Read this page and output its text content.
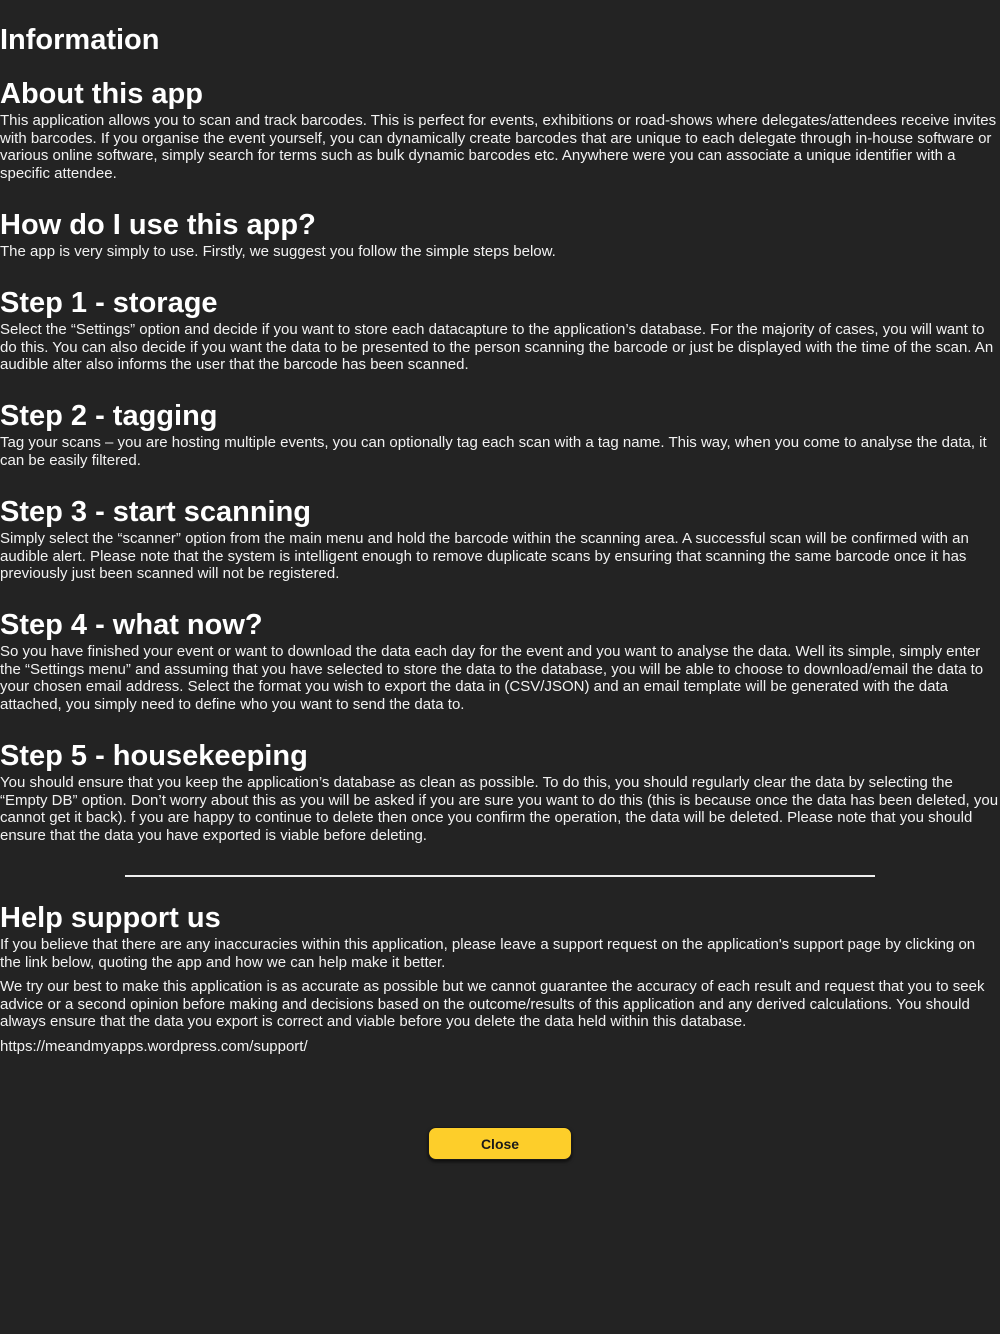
Information
About this app

This application allows you to scan and track barcodes. This is perfect for events, exhibitions or road-shows where delegates/attendees receive invites with barcodes. If you organise the event yourself, you can dynamically create barcodes that are unique to each delegate through in-house software or various online software, simply search for terms such as bulk dynamic barcodes etc. Anywhere were you can associate a unique identifier with a specific attendee.

How do I use this app?

The app is very simply to use. Firstly, we suggest you follow the simple steps below.

Step 1 - storage

Select the “Settings” option and decide if you want to store each datacapture to the application’s database. For the majority of cases, you will want to do this. You can also decide if you want the data to be presented to the person scanning the barcode or just be displayed with the time of the scan. An audible alter also informs the user that the barcode has been scanned.

Step 2 - tagging

Tag your scans – you are hosting multiple events, you can optionally tag each scan with a tag name. This way, when you come to analyse the data, it can be easily filtered.

Step 3 - start scanning

Simply select the “scanner” option from the main menu and hold the barcode within the scanning area. A successful scan will be confirmed with an audible alert. Please note that the system is intelligent enough to remove duplicate scans by ensuring that scanning the same barcode once it has previously just been scanned will not be registered.

Step 4 - what now?

So you have finished your event or want to download the data each day for the event and you want to analyse the data. Well its simple, simply enter the “Settings menu” and assuming that you have selected to store the data to the database, you will be able to choose to download/email the data to your chosen email address. Select the format you wish to export the data in (CSV/JSON) and an email template will be generated with the data attached, you simply need to define who you want to send the data to.

Step 5 - housekeeping

You should ensure that you keep the application’s database as clean as possible. To do this, you should regularly clear the data by selecting the “Empty DB” option. Don’t worry about this as you will be asked if you are sure you want to do this (this is because once the data has been deleted, you cannot get it back). f you are happy to continue to delete then once you confirm the operation, the data will be deleted. Please note that you should ensure that the data you have exported is viable before deleting.

Help support us

If you believe that there are any inaccuracies within this application, please leave a support request on the application's support page by clicking on the link below, quoting the app and how we can help make it better.

We try our best to make this application is as accurate as possible but we cannot guarantee the accuracy of each result and request that you to seek advice or a second opinion before making and decisions based on the outcome/results of this application and any derived calculations. You should always ensure that the data you export is correct and viable before you delete the data held within this database.

https://meandmyapps.wordpress.com/support/

Close
